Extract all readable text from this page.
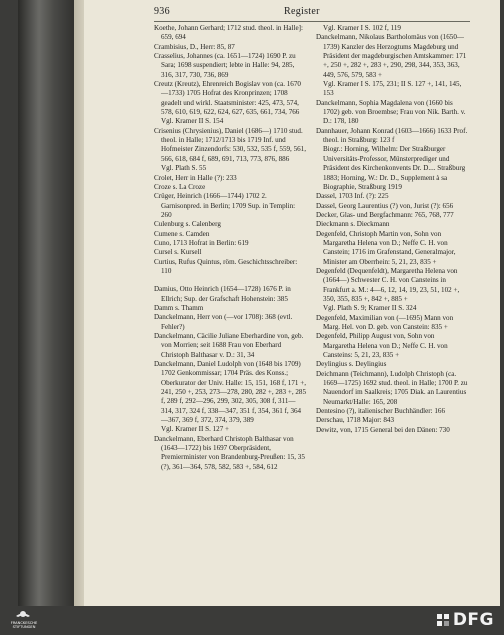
936	Register

Koethe, Johann Gerhard; 1712 stud. theol. in Halle]: 659, 694

Crambisius, D., Herr: 85, 87

Crasselius, Johannes (ca. 1651—1724) 1690 P. zu Sara; 1698 suspendiert; lebte in Halle: 94, 285, 316, 317, 730, 736, 869

Creutz (Kreutz), Ehrenreich Bogislav von (ca. 1670—1733) 1705 Hofrat des Kronprinzen; 1708 geadelt und wirkl. Staatsminister: 425, 473, 574, 578, 610, 619, 622, 624, 627, 635, 661, 734, 766

Vgl. Kramer II S. 154

Crisenius (Chrysienius), Daniel (1686—) 1710 stud. theol. in Halle; 1712/1713 bis 1719 Inf. und Hofmeister Zinzendorfs: 530, 532, 535 f, 559, 561, 566, 618, 684 f, 689, 691, 713, 773, 876, 886

Vgl. Plath S. 55

Crolet, Herr in Halle (?): 233

Croze s. La Croze

Crüger, Heinrich (1666—1744) 1702 2. Garnisonpred. in Berlin; 1709 Sup. in Templin: 260

Culenburg s. Calenberg

Cumene s. Camden

Cuno, 1713 Hofrat in Berlin: 619

Cursel s. Kursell

Curtius, Rufus Quintus, röm. Geschichtsschreiber: 110

Damius, Otto Heinrich (1654—1728) 1676 P. in Ellrich; Sup. der Grafschaft Hohenstein: 385

Damm s. Thamm

Danckelmann, Herr von (—vor 1708): 368 (evtl. Fehler?)

Danckelmann, Cäcilie Juliane Eberhardine von, geb. von Morrien; seit 1688 Frau von Eberhard Christoph Balthasar v. D.: 31, 34

Danckelmann, Daniel Ludolph von (1648 bis 1709) 1702 Genkommissar; 1704 Präs. des Konss.; Oberkurator der Univ. Halle: 15, 151, 168 f, 171 +, 241, 250 +, 253, 273—278, 280, 282 +, 283 +, 285 f, 289 f, 292—296, 299, 302, 305, 308 f, 311—314, 317, 324 f, 338—347, 351 f, 354, 361 f, 364—367, 369 f, 372, 374, 379, 389

Vgl. Kramer II S. 127 +

Danckelmann, Eberhard Christoph Balthasar von (1643—1722) bis 1697 Oberpräsident, Premierminister von Brandenburg-Preußen: 15, 35 (?), 361—364, 578, 582, 583 +, 584, 612

Vgl. Kramer I S. 102 f, 119

Danckelmann, Nikolaus Bartholomäus von (1650—1739) Kanzler des Herzogtums Magdeburg und Präsident der magdeburgischen Amtskammer: 171 +, 250 +, 282 +, 283 +, 290, 298, 344, 353, 363, 449, 576, 579, 583 +

Vgl. Kramer I S. 175, 231; II S. 127 +, 141, 145, 153

Danckelmann, Sophia Magdalena von (1660 bis 1702) geb. von Broembse; Frau von Nik. Barth. v. D.: 178, 180

Dannhauer, Johann Konrad (1603—1666) 1633 Prof. theol. in Straßburg: 123 f

Biogr.: Horning, Wilhelm: Der Straßburger Universitäts-Professor, Münsterprediger und Präsident des Kirchenkonvents Dr. D.... Straßburg 1883; Horning, W.: Dr. D., Supplement à sa Biographie, Straßburg 1919

Dassel, 1703 Inf. (?): 225

Dassel, Georg Laurentius (?) von, Jurist (?): 656

Decker, Glas- und Bergfachmann: 765, 768, 777

Dieckmann s. Dieckmann

Degenfeld, Christoph Martin von, Sohn von Margaretha Helena von D.; Neffe C. H. von Canstein; 1716 im Grafenstand, Generalmajor, Minister am Oberrhein: 5, 21, 23, 835 +

Degenfeld (Dequenfeldt), Margaretha Helena von (1664—) Schwester C. H. von Cansteins in Frankfurt a. M.: 4—6, 12, 14, 19, 23, 51, 102 +, 350, 355, 835 +, 842 +, 885 +

Vgl. Plath S. 9; Kramer II S. 324

Degenfeld, Maximilian von (—1695) Mann von Marg. Hel. von D. geb. von Canstein: 835 +

Degenfeld, Philipp August von, Sohn von Margaretha Helena von D.; Neffe C. H. von Cansteins: 5, 21, 23, 835 +

Deylingius s. Deylingius

Deichmann (Teichmann), Ludolph Christoph (ca. 1669—1725) 1692 stud. theol. in Halle; 1700 P. zu Nauendorf im Saalkreis; 1705 Diak. an Laurentius Neumarkt/Halle: 165, 208

Dentesino (?), italienischer Buchhändler: 166

Derschau, 1718 Major: 843

Dewitz, von, 1715 General bei den Dänen: 730

FRANCKESCHE STIFTUNGEN	DFG
